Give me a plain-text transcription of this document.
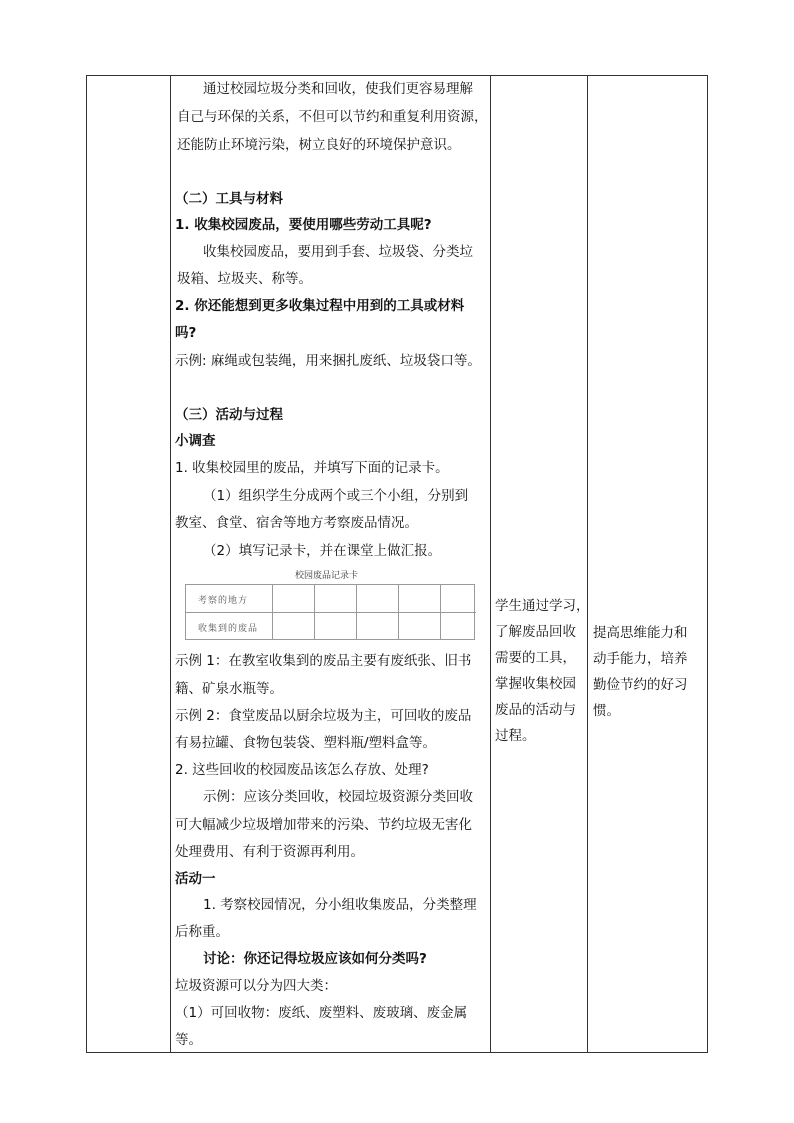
通过校园垃圾分类和回收，使我们更容易理解
自己与环保的关系，不但可以节约和重复利用资源，
还能防止环境污染，树立良好的环境保护意识。
（二）工具与材料
1. 收集校园废品，要使用哪些劳动工具呢?
收集校园废品，要用到手套、垃圾袋、分类垃
圾箱、垃圾夹、称等。
2. 你还能想到更多收集过程中用到的工具或材料
吗?
示例: 麻绳或包装绳，用来捆扎废纸、垃圾袋口等。
（三）活动与过程
小调查
1. 收集校园里的废品，并填写下面的记录卡。
（1）组织学生分成两个或三个小组，分别到
教室、食堂、宿舍等地方考察废品情况。
（2）填写记录卡，并在课堂上做汇报。
校园废品记录卡
考察的地方
收集到的废品
示例 1：在教室收集到的废品主要有废纸张、旧书
籍、矿泉水瓶等。
示例 2：食堂废品以厨余垃圾为主，可回收的废品
有易拉罐、食物包装袋、塑料瓶/塑料盒等。
2. 这些回收的校园废品该怎么存放、处理?
示例：应该分类回收，校园垃圾资源分类回收
可大幅减少垃圾增加带来的污染、节约垃圾无害化
处理费用、有利于资源再利用。
活动一
1. 考察校园情况，分小组收集废品，分类整理
后称重。
讨论：你还记得垃圾应该如何分类吗?
垃圾资源可以分为四大类：
（1）可回收物：废纸、废塑料、废玻璃、废金属
等。
学生通过学习，
了解废品回收
需要的工具，
掌握收集校园
废品的活动与
过程。
提高思维能力和
动手能力，培养
勤俭节约的好习
惯。
